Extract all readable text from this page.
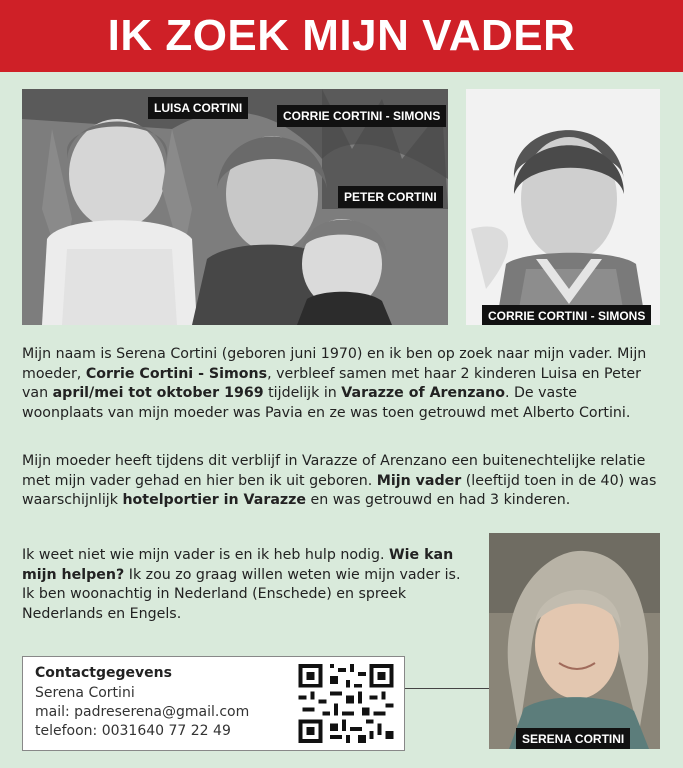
IK ZOEK MIJN VADER
LUISA CORTINI
CORRIE CORTINI - SIMONS
PETER CORTINI
CORRIE CORTINI - SIMONS
Mijn naam is Serena Cortini (geboren juni 1970) en ik ben op zoek naar mijn vader. Mijn moeder, Corrie Cortini - Simons, verbleef samen met haar 2 kinderen Luisa en Peter van april/mei tot oktober 1969 tijdelijk in Varazze of Arenzano. De vaste woonplaats van mijn moeder was Pavia en ze was toen getrouwd met Alberto Cortini.
Mijn moeder heeft tijdens dit verblijf in Varazze of Arenzano een buitenechtelijke relatie met mijn vader gehad en hier ben ik uit geboren. Mijn vader (leeftijd toen in de 40) was waarschijnlijk hotelportier in Varazze en was getrouwd en had 3 kinderen.
Ik weet niet wie mijn vader is en ik heb hulp nodig. Wie kan mijn helpen? Ik zou zo graag willen weten wie mijn vader is. Ik ben woonachtig in Nederland (Enschede) en spreek Nederlands en Engels.
SERENA CORTINI
Contactgegevens
Serena Cortini
mail: padreserena@gmail.com
telefoon: 0031640 77 22 49
